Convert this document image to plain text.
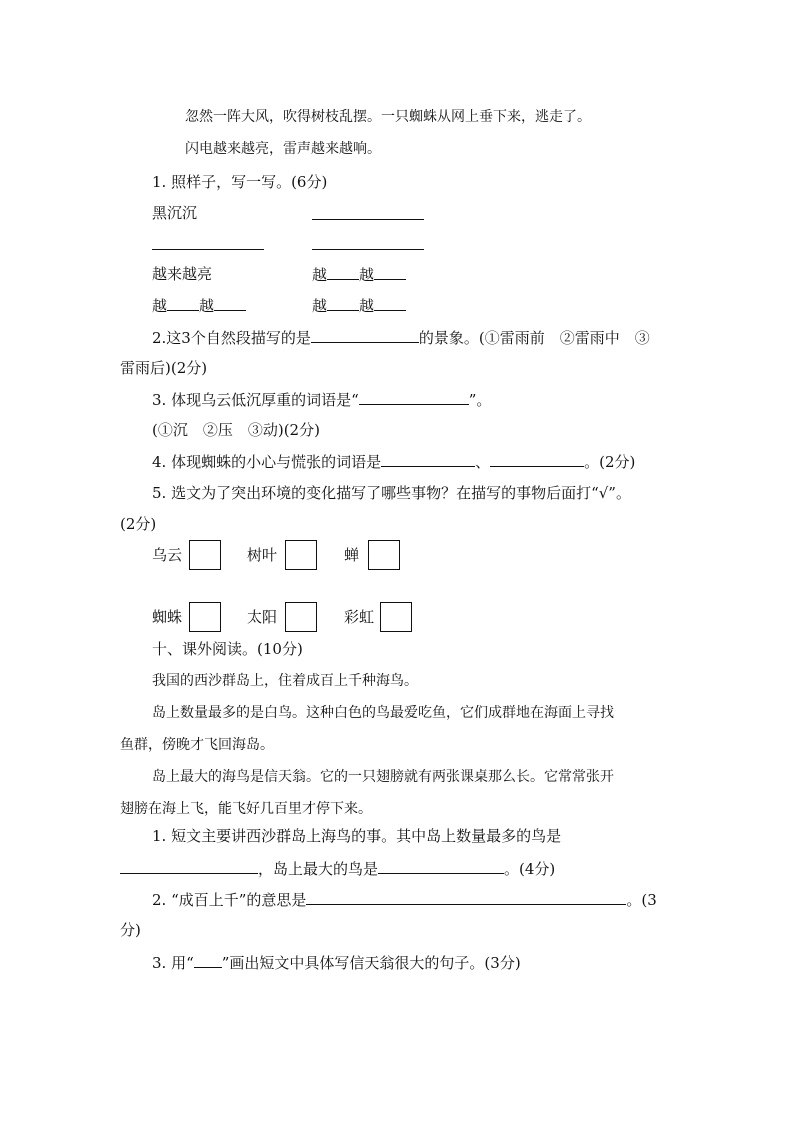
忽然一阵大风，吹得树枝乱摆。一只蜘蛛从网上垂下来，逃走了。
闪电越来越亮，雷声越来越响。
1. 照样子，写一写。(6分)
黑沉沉
越来越亮	越 越
越 越	越 越
2.这3个自然段描写的是	的景象。(①雷雨前　②雷雨中　③
雷雨后)(2分)
3. 体现乌云低沉厚重的词语是“	”。
(①沉　②压　③动)(2分)
4. 体现蜘蛛的小心与慌张的词语是	、	。(2分)
5. 选文为了突出环境的变化描写了哪些事物？在描写的事物后面打“√”。
(2分)
乌云	树叶	蝉
蜘蛛	太阳	彩虹
十、课外阅读。(10分)
我国的西沙群岛上，住着成百上千种海鸟。
岛上数量最多的是白鸟。这种白色的鸟最爱吃鱼，它们成群地在海面上寻找
鱼群，傍晚才飞回海岛。
岛上最大的海鸟是信天翁。它的一只翅膀就有两张课桌那么长。它常常张开
翅膀在海上飞，能飞好几百里才停下来。
1. 短文主要讲西沙群岛上海鸟的事。其中岛上数量最多的鸟是
，岛上最大的鸟是	。(4分)
2. “成百上千”的意思是	。(3
分)
3. 用“ ”画出短文中具体写信天翁很大的句子。(3分)
